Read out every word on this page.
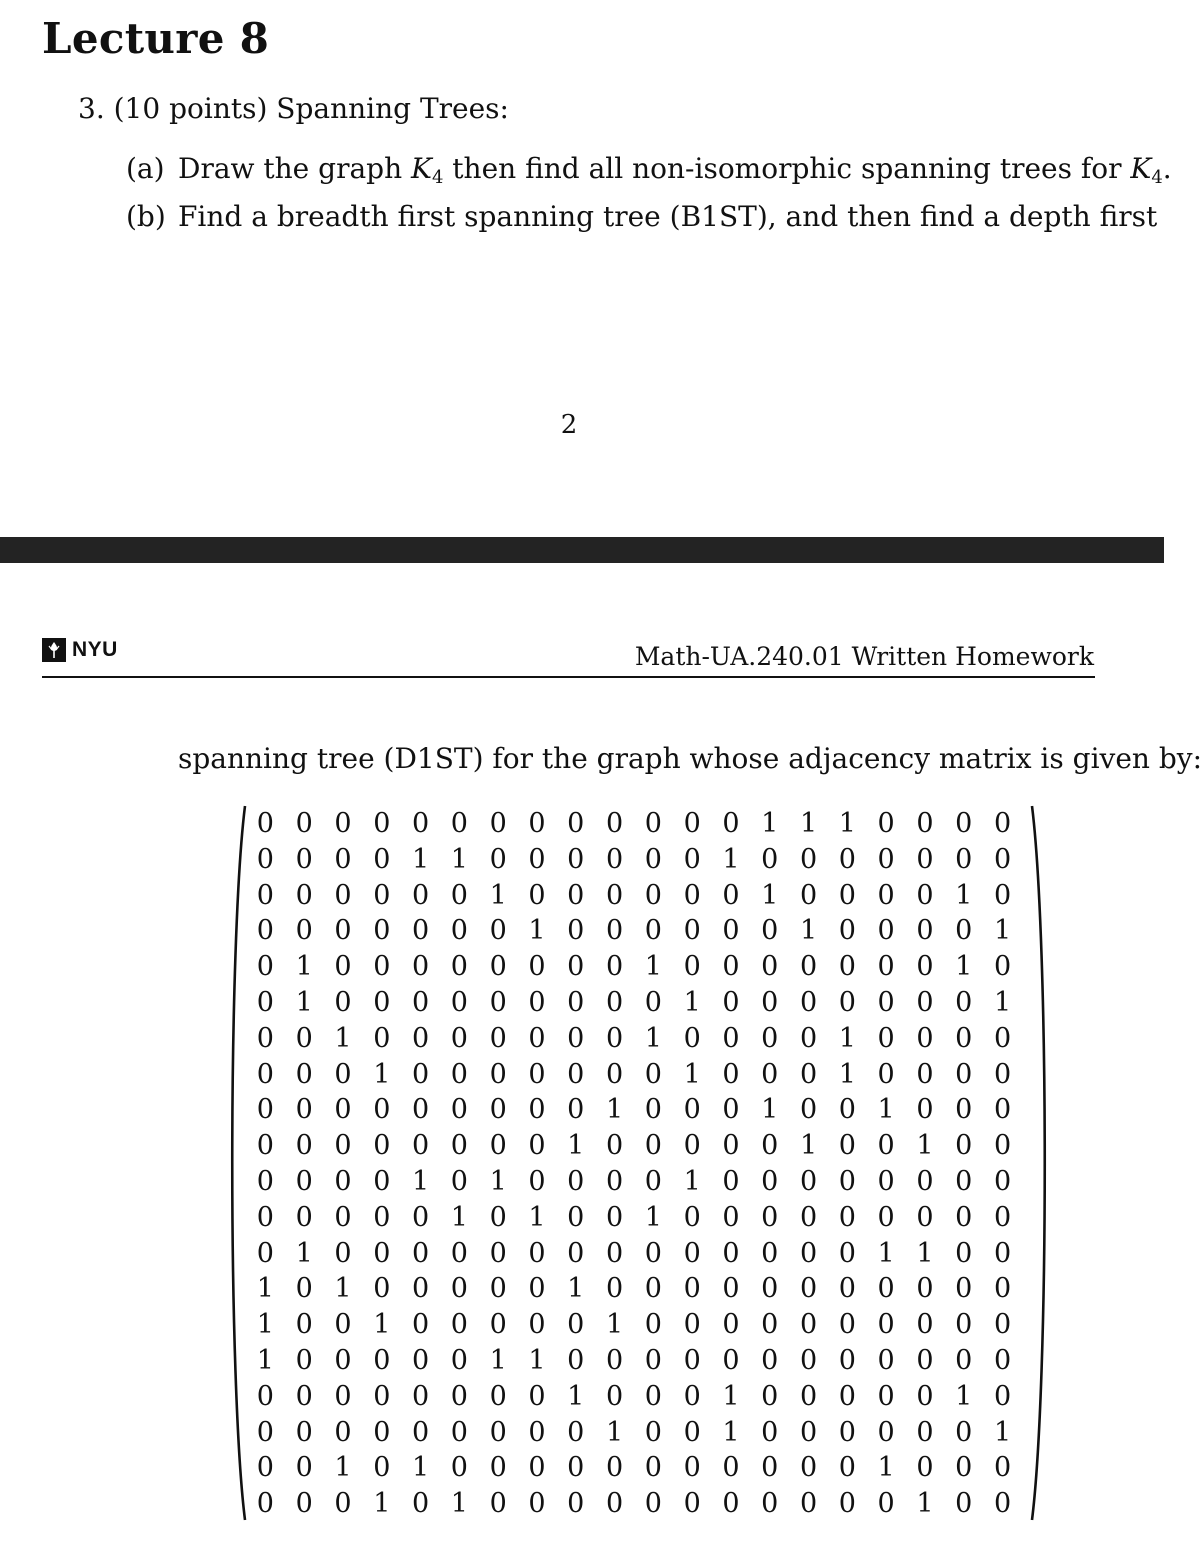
Lecture 8
3. (10 points) Spanning Trees:
(a) Draw the graph $K_4$ then find all non-isomorphic spanning trees for $K_4$.
(b) Find a breadth first spanning tree (B1ST), and then find a depth first
2
NYU	Math-UA.240.01 Written Homework
spanning tree (D1ST) for the graph whose adjacency matrix is given by:
0 0 0 0 0 0 0 0 0 0 0 0 0 1 1 1 0 0 0 0
0 0 0 0 1 1 0 0 0 0 0 0 1 0 0 0 0 0 0 0
0 0 0 0 0 0 1 0 0 0 0 0 0 1 0 0 0 0 1 0
0 0 0 0 0 0 0 1 0 0 0 0 0 0 1 0 0 0 0 1
0 1 0 0 0 0 0 0 0 0 1 0 0 0 0 0 0 0 1 0
0 1 0 0 0 0 0 0 0 0 0 1 0 0 0 0 0 0 0 1
0 0 1 0 0 0 0 0 0 0 1 0 0 0 0 1 0 0 0 0
0 0 0 1 0 0 0 0 0 0 0 1 0 0 0 1 0 0 0 0
0 0 0 0 0 0 0 0 0 1 0 0 0 1 0 0 1 0 0 0
0 0 0 0 0 0 0 0 1 0 0 0 0 0 1 0 0 1 0 0
0 0 0 0 1 0 1 0 0 0 0 1 0 0 0 0 0 0 0 0
0 0 0 0 0 1 0 1 0 0 1 0 0 0 0 0 0 0 0 0
0 1 0 0 0 0 0 0 0 0 0 0 0 0 0 0 1 1 0 0
1 0 1 0 0 0 0 0 1 0 0 0 0 0 0 0 0 0 0 0
1 0 0 1 0 0 0 0 0 1 0 0 0 0 0 0 0 0 0 0
1 0 0 0 0 0 1 1 0 0 0 0 0 0 0 0 0 0 0 0
0 0 0 0 0 0 0 0 1 0 0 0 1 0 0 0 0 0 1 0
0 0 0 0 0 0 0 0 0 1 0 0 1 0 0 0 0 0 0 1
0 0 1 0 1 0 0 0 0 0 0 0 0 0 0 0 1 0 0 0
0 0 0 1 0 1 0 0 0 0 0 0 0 0 0 0 0 1 0 0
